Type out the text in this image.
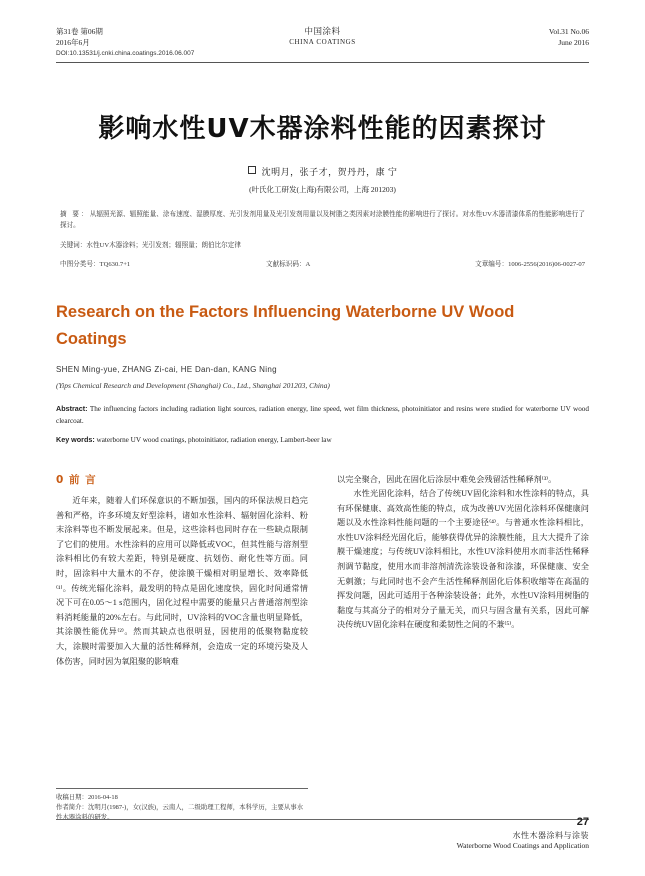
第31卷 第06期
2016年6月
中国涂料
CHINA COATINGS
Vol.31 No.06
June 2016
DOI:10.13531/j.cnki.china.coatings.2016.06.007
影响水性UV木器涂料性能的因素探讨
沈明月，张子才，贺丹丹，康 宁
(叶氏化工研发(上海)有限公司，上海 201203)
摘 要：从辐照光源、辐照能量、涂布速度、湿膜厚度、光引发剂用量及光引发剂用量以及树脂之类因素对涂膜性能的影响进行了探讨。对水性UV木器清漆体系的性能影响进行了探讨。
关键词：水性UV木器涂料；光引发剂；辐照量；朗伯比尔定律
中图分类号：TQ630.7+1	文献标识码：A	文章编号：1006-2556(2016)06-0027-07
Research on the Factors Influencing Waterborne UV Wood Coatings
SHEN Ming-yue, ZHANG Zi-cai, HE Dan-dan, KANG Ning
(Yips Chemical Research and Development (Shanghai) Co., Ltd., Shanghai 201203, China)
Abstract: The influencing factors including radiation light sources, radiation energy, line speed, wet film thickness, photoinitiator and resins were studied for waterborne UV wood clearcoat.
Key words: waterborne UV wood coatings, photoinitiator, radiation energy, Lambert-beer law
0 前 言
近年来，随着人们环保意识的不断加强，国内的环保法规日趋完善和严格，许多环境友好型涂料，诸如水性涂料、辐射固化涂料、粉末涂料等也不断发展起来。但是，这些涂料也同时存在一些缺点限制了它们的使用。水性涂料的应用可以降低或VOC，但其性能与溶剂型涂料相比仍有较大差距，特别是硬度、抗划伤、耐化性等方面。同时，固涂料中大量木的不存，使涂膜干燥相对明显增长、效率降低⁽¹⁾。传统光辐化涂料，最发明的特点是固化速度快，固化时间通常情况下可在0.05～1 s范围内，固化过程中需要的能量只占普通溶剂型涂料消耗能量的20%左右。与此同时，UV涂料的VOC含量也明显降低，其涂膜性能优异⁽²⁾。然而其缺点也很明显，因使用的低聚物黏度较大，涂膜时需要加入大量的活性稀释剂，会造成一定的环境污染及人体伤害，同时因为氧阻聚的影响难
以完全聚合，因此在固化后涂层中难免会残留活性稀释剂⁽³⁾。
水性光固化涂料，结合了传统UV固化涂料和水性涂料的特点，具有环保健康、高效高性能的特点，成为改善UV光固化涂料环保健康问题以及水性涂料性能问题的一个主要途径⁽⁴⁾。与普通水性涂料相比，水性UV涂料经光固化后，能够获得优异的涂膜性能，且大大提升了涂膜干燥速度；与传统UV涂料相比，水性UV涂料使用水而非活性稀释剂调节黏度，使用水而非溶剂清洗涂装设备和涂漆，环保健康、安全无刺激；与此同时也不会产生活性稀释剂固化后体积收缩等在高温的挥发问题，因此可适用于各种涂装设备；此外，水性UV涂料用树脂的黏度与其高分子的相对分子量无关，而只与固含量有关系，因此可解决传统UV固化涂料在硬度和柔韧性之间的不兼⁽⁵⁾。
收稿日期：2016-04-18
作者简介：沈明月(1987-)，女(汉族)，云南人，二级助理工程师，本科学历，主要从事水性木器涂料的研发。	27
水性木器涂料与涂装
Waterborne Wood Coatings and Application
